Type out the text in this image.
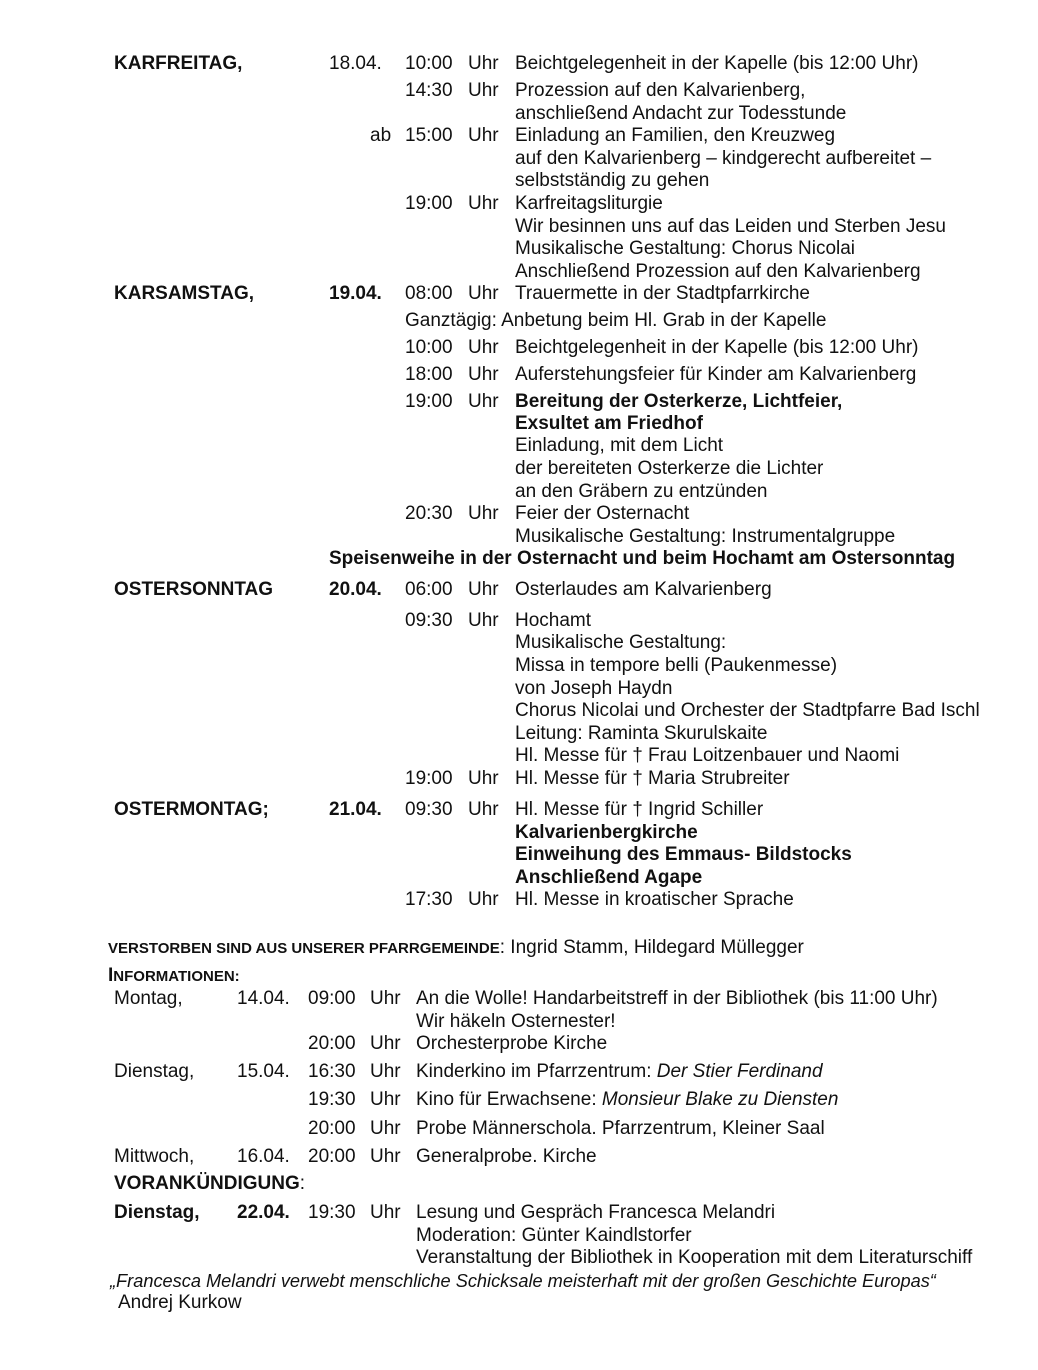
KARFREITAG,	18.04. 10:00 Uhr Beichtgelegenheit in der Kapelle (bis 12:00 Uhr)
14:30 Uhr Prozession auf den Kalvarienberg,
anschließend Andacht zur Todesstunde
ab 15:00 Uhr Einladung an Familien, den Kreuzweg
auf den Kalvarienberg – kindgerecht aufbereitet –
selbstständig zu gehen
19:00 Uhr Karfreitagsliturgie
Wir besinnen uns auf das Leiden und Sterben Jesu
Musikalische Gestaltung: Chorus Nicolai
Anschließend Prozession auf den Kalvarienberg
KARSAMSTAG,	19.04. 08:00 Uhr Trauermette in der Stadtpfarrkirche
Ganztägig: Anbetung beim Hl. Grab in der Kapelle
10:00 Uhr Beichtgelegenheit in der Kapelle (bis 12:00 Uhr)
18:00 Uhr Auferstehungsfeier für Kinder am Kalvarienberg
19:00 Uhr Bereitung der Osterkerze, Lichtfeier,
Exsultet am Friedhof
Einladung, mit dem Licht
der bereiteten Osterkerze die Lichter
an den Gräbern zu entzünden
20:30 Uhr Feier der Osternacht
Musikalische Gestaltung: Instrumentalgruppe
Speisenweihe in der Osternacht und beim Hochamt am Ostersonntag
OSTERSONNTAG	20.04. 06:00 Uhr Osterlaudes am Kalvarienberg
09:30 Uhr Hochamt
Musikalische Gestaltung:
Missa in tempore belli (Paukenmesse)
von Joseph Haydn
Chorus Nicolai und Orchester der Stadtpfarre Bad Ischl
Leitung: Raminta Skurulskaite
Hl. Messe für † Frau Loitzenbauer und Naomi
19:00 Uhr Hl. Messe für † Maria Strubreiter
OSTERMONTAG;	21.04. 09:30 Uhr Hl. Messe für † Ingrid Schiller
Kalvarienbergkirche
Einweihung des Emmaus- Bildstocks
Anschließend Agape
17:30 Uhr Hl. Messe in kroatischer Sprache
VERSTORBEN SIND AUS UNSERER PFARRGEMEINDE: Ingrid Stamm, Hildegard Müllegger
INFORMATIONEN:
Montag,	14.04. 09:00 Uhr An die Wolle! Handarbeitstreff in der Bibliothek (bis 11:00 Uhr)
Wir häkeln Osternester!
20:00 Uhr Orchesterprobe Kirche
Dienstag, 15.04. 16:30 Uhr Kinderkino im Pfarrzentrum: Der Stier Ferdinand
19:30 Uhr Kino für Erwachsene: Monsieur Blake zu Diensten
20:00 Uhr Probe Männerschola. Pfarrzentrum, Kleiner Saal
Mittwoch, 16.04. 20:00 Uhr Generalprobe. Kirche
VORANKÜNDIGUNG:
Dienstag, 22.04. 19:30 Uhr Lesung und Gespräch Francesca Melandri
Moderation: Günter Kaindlstorfer
Veranstaltung der Bibliothek in Kooperation mit dem Literaturschiff
„Francesca Melandri verwebt menschliche Schicksale meisterhaft mit der großen Geschichte Europas“
Andrej Kurkow
